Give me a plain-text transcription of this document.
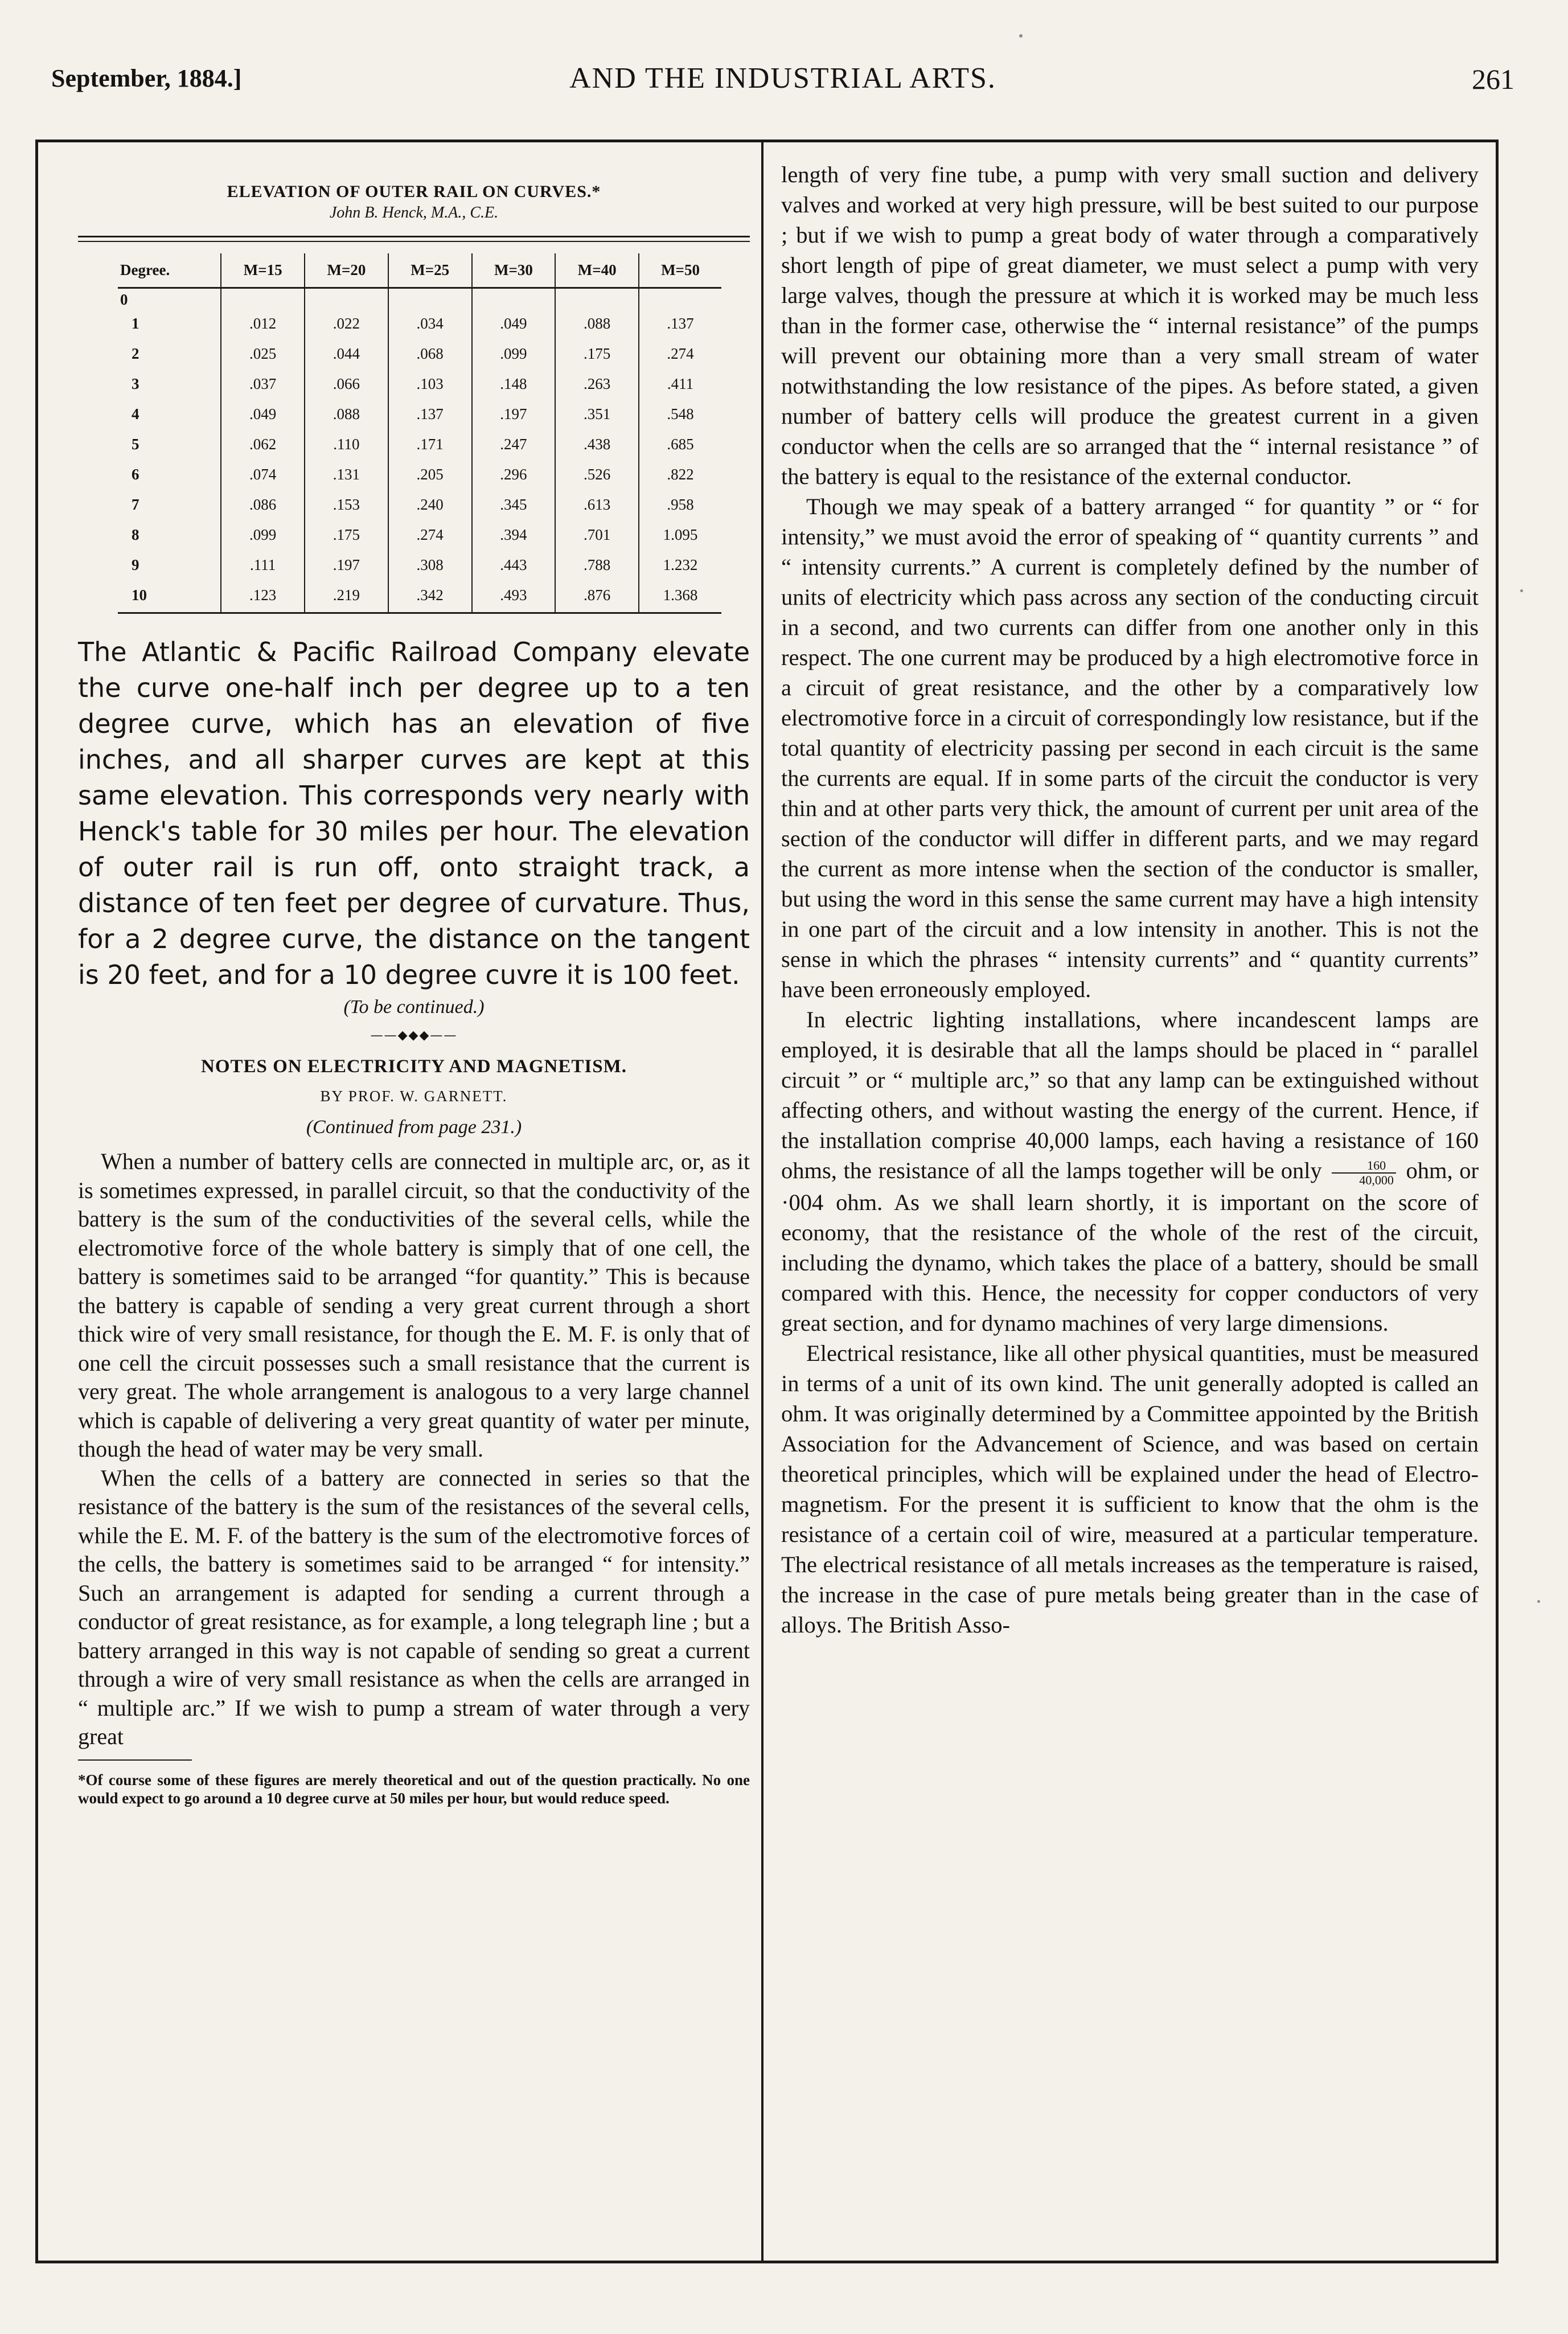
September, 1884.]	AND THE INDUSTRIAL ARTS.	261
ELEVATION OF OUTER RAIL ON CURVES.*
John B. Henck, M.A., C.E.
Degree.	M=15	M=20	M=25	M=30	M=40	M=50
0						
1	.012	.022	.034	.049	.088	.137
2	.025	.044	.068	.099	.175	.274
3	.037	.066	.103	.148	.263	.411
4	.049	.088	.137	.197	.351	.548
5	.062	.110	.171	.247	.438	.685
6	.074	.131	.205	.296	.526	.822
7	.086	.153	.240	.345	.613	.958
8	.099	.175	.274	.394	.701	1.095
9	.111	.197	.308	.443	.788	1.232
10	.123	.219	.342	.493	.876	1.368

The Atlantic & Pacific Railroad Company elevate the curve one-half inch per degree up to a ten degree curve, which has an elevation of five inches, and all sharper curves are kept at this same elevation. This corresponds very nearly with Henck's table for 30 miles per hour. The elevation of outer rail is run off, onto straight track, a distance of ten feet per degree of curvature. Thus, for a 2 degree curve, the distance on the tangent is 20 feet, and for a 10 degree cuvre it is 100 feet.

(To be continued.)
——◆◆◆——
NOTES ON ELECTRICITY AND MAGNETISM.
BY PROF. W. GARNETT.
(Continued from page 231.)

When a number of battery cells are connected in multiple arc, or, as it is sometimes expressed, in parallel circuit, so that the conductivity of the battery is the sum of the conductivities of the several cells, while the electromotive force of the whole battery is simply that of one cell, the battery is sometimes said to be arranged “for quantity.” This is because the battery is capable of sending a very great current through a short thick wire of very small resistance, for though the E. M. F. is only that of one cell the circuit possesses such a small resistance that the current is very great. The whole arrangement is analogous to a very large channel which is capable of delivering a very great quantity of water per minute, though the head of water may be very small.

When the cells of a battery are connected in series so that the resistance of the battery is the sum of the resistances of the several cells, while the E. M. F. of the battery is the sum of the electromotive forces of the cells, the battery is sometimes said to be arranged “ for intensity.” Such an arrangement is adapted for sending a current through a conductor of great resistance, as for example, a long telegraph line ; but a battery arranged in this way is not capable of sending so great a current through a wire of very small resistance as when the cells are arranged in “ multiple arc.” If we wish to pump a stream of water through a very great

*Of course some of these figures are merely theoretical and out of the question practically. No one would expect to go around a 10 degree curve at 50 miles per hour, but would reduce speed.

length of very fine tube, a pump with very small suction and delivery valves and worked at very high pressure, will be best suited to our purpose ; but if we wish to pump a great body of water through a comparatively short length of pipe of great diameter, we must select a pump with very large valves, though the pressure at which it is worked may be much less than in the former case, otherwise the “ internal resistance” of the pumps will prevent our obtaining more than a very small stream of water notwithstanding the low resistance of the pipes. As before stated, a given number of battery cells will produce the greatest current in a given conductor when the cells are so arranged that the “ internal resistance ” of the battery is equal to the resistance of the external conductor.

Though we may speak of a battery arranged “ for quantity ” or “ for intensity,” we must avoid the error of speaking of “ quantity currents ” and “ intensity currents.” A current is completely defined by the number of units of electricity which pass across any section of the conducting circuit in a second, and two currents can differ from one another only in this respect. The one current may be produced by a high electromotive force in a circuit of great resistance, and the other by a comparatively low electromotive force in a circuit of correspondingly low resistance, but if the total quantity of electricity passing per second in each circuit is the same the currents are equal. If in some parts of the circuit the conductor is very thin and at other parts very thick, the amount of current per unit area of the section of the conductor will differ in different parts, and we may regard the current as more intense when the section of the conductor is smaller, but using the word in this sense the same current may have a high intensity in one part of the circuit and a low intensity in another. This is not the sense in which the phrases “ intensity currents” and “ quantity currents” have been erroneously employed.

In electric lighting installations, where incandescent lamps are employed, it is desirable that all the lamps should be placed in “ parallel circuit ” or “ multiple arc,” so that any lamp can be extinguished without affecting others, and without wasting the energy of the current. Hence, if the installation comprise 40,000 lamps, each having a resistance of 160 ohms, the resistance of all the lamps together will be only $\frac{160}{40,000}$ ohm, or ·004 ohm. As we shall learn shortly, it is important on the score of economy, that the resistance of the whole of the rest of the circuit, including the dynamo, which takes the place of a battery, should be small compared with this. Hence, the necessity for copper conductors of very great section, and for dynamo machines of very large dimensions.

Electrical resistance, like all other physical quantities, must be measured in terms of a unit of its own kind. The unit generally adopted is called an ohm. It was originally determined by a Committee appointed by the British Association for the Advancement of Science, and was based on certain theoretical principles, which will be explained under the head of Electro-magnetism. For the present it is sufficient to know that the ohm is the resistance of a certain coil of wire, measured at a particular temperature. The electrical resistance of all metals increases as the temperature is raised, the increase in the case of pure metals being greater than in the case of alloys. The British Asso-
